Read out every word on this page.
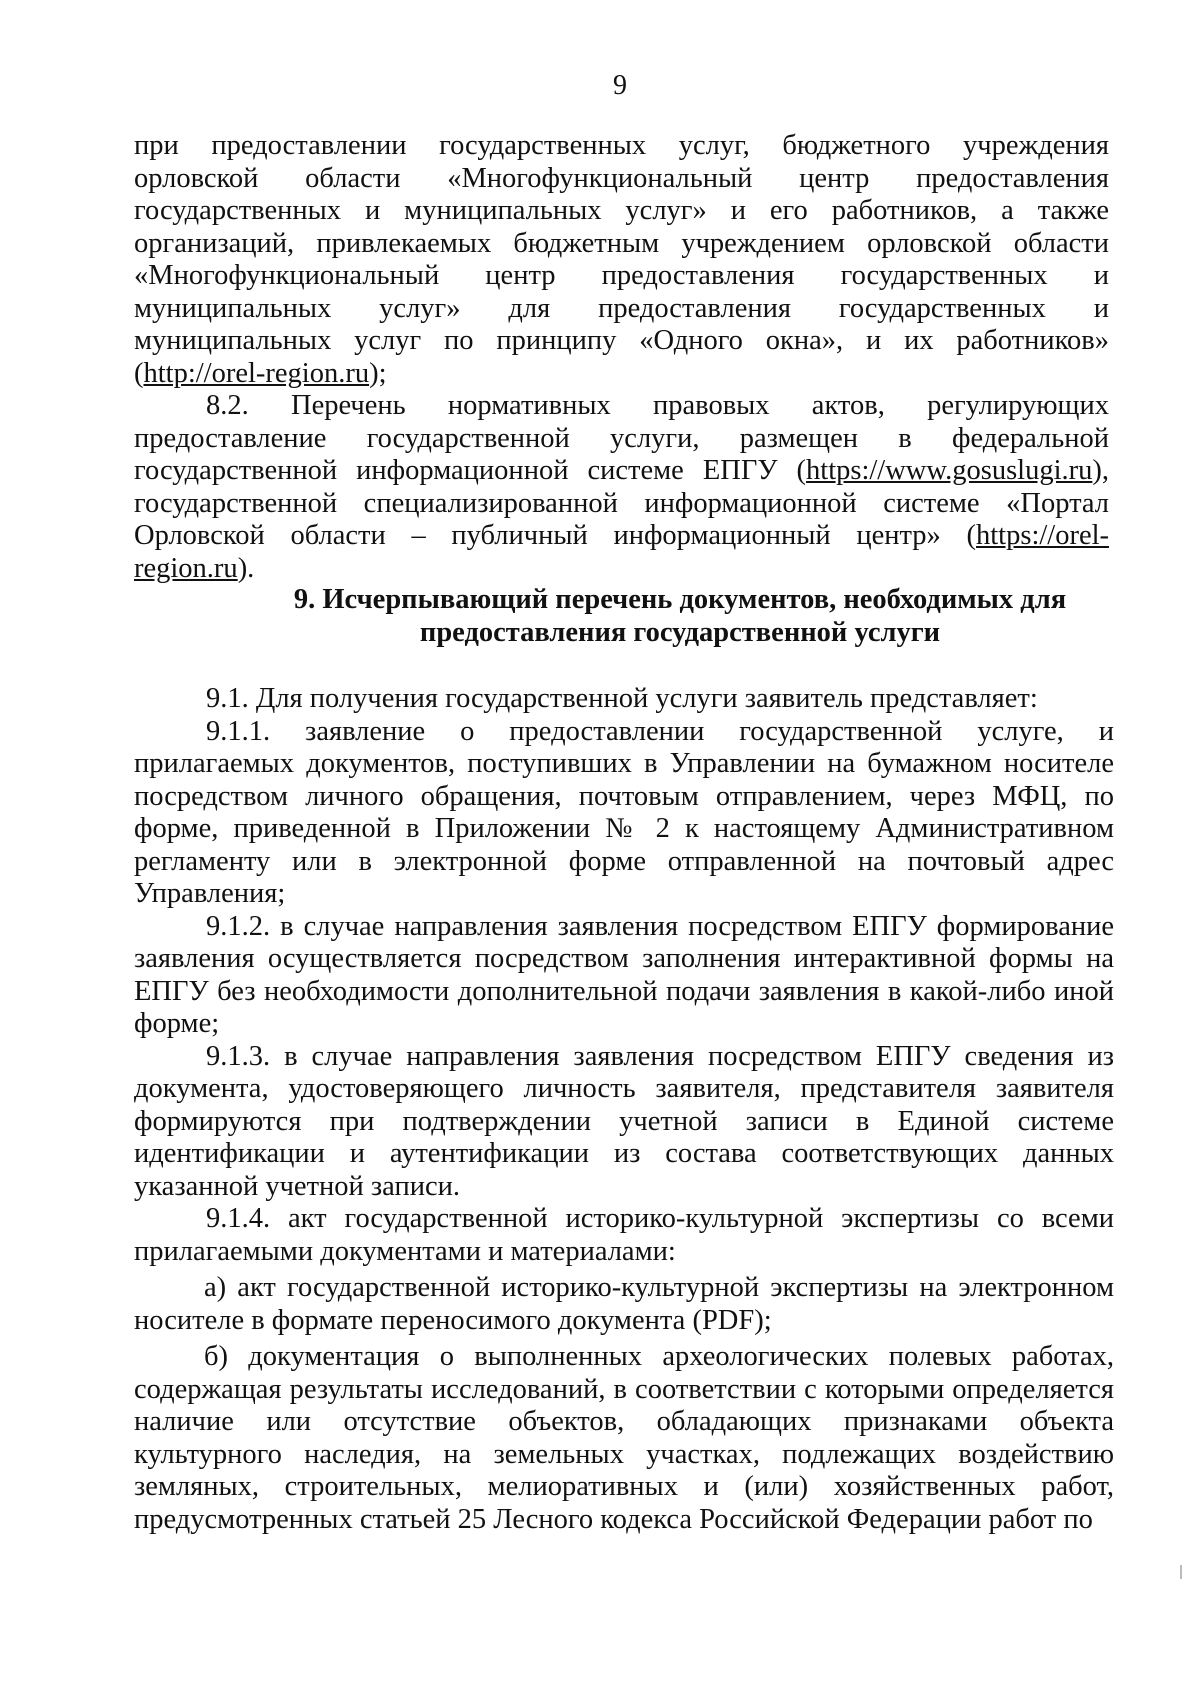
9

при предоставлении государственных услуг, бюджетного учреждения орловской области «Многофункциональный центр предоставления государственных и муниципальных услуг» и его работников, а также организаций, привлекаемых бюджетным учреждением орловской области «Многофункциональный центр предоставления государственных и муниципальных услуг» для предоставления государственных и муниципальных услуг по принципу «Одного окна», и их работников» (http://orel-region.ru);

8.2. Перечень нормативных правовых актов, регулирующих предоставление государственной услуги, размещен в федеральной государственной информационной системе ЕПГУ (https://www.gosuslugi.ru), государственной специализированной информационной системе «Портал Орловской области – публичный информационный центр» (https://orel-region.ru).

9. Исчерпывающий перечень документов, необходимых для
предоставления государственной услуги

9.1. Для получения государственной услуги заявитель представляет:

9.1.1. заявление о предоставлении государственной услуге, и прилагаемых документов, поступивших в Управлении на бумажном носителе посредством личного обращения, почтовым отправлением, через МФЦ, по форме, приведенной в Приложении № 2 к настоящему Административном регламенту или в электронной форме отправленной на почтовый адрес Управления;

9.1.2. в случае направления заявления посредством ЕПГУ формирование заявления осуществляется посредством заполнения интерактивной формы на ЕПГУ без необходимости дополнительной подачи заявления в какой-либо иной форме;

9.1.3. в случае направления заявления посредством ЕПГУ сведения из документа, удостоверяющего личность заявителя, представителя заявителя формируются при подтверждении учетной записи в Единой системе идентификации и аутентификации из состава соответствующих данных указанной учетной записи.

9.1.4. акт государственной историко-культурной экспертизы со всеми прилагаемыми документами и материалами:

а) акт государственной историко-культурной экспертизы на электронном носителе в формате переносимого документа (PDF);

б) документация о выполненных археологических полевых работах, содержащая результаты исследований, в соответствии с которыми определяется наличие или отсутствие объектов, обладающих признаками объекта культурного наследия, на земельных участках, подлежащих воздействию земляных, строительных, мелиоративных и (или) хозяйственных работ, предусмотренных статьей 25 Лесного кодекса Российской Федерации работ по
